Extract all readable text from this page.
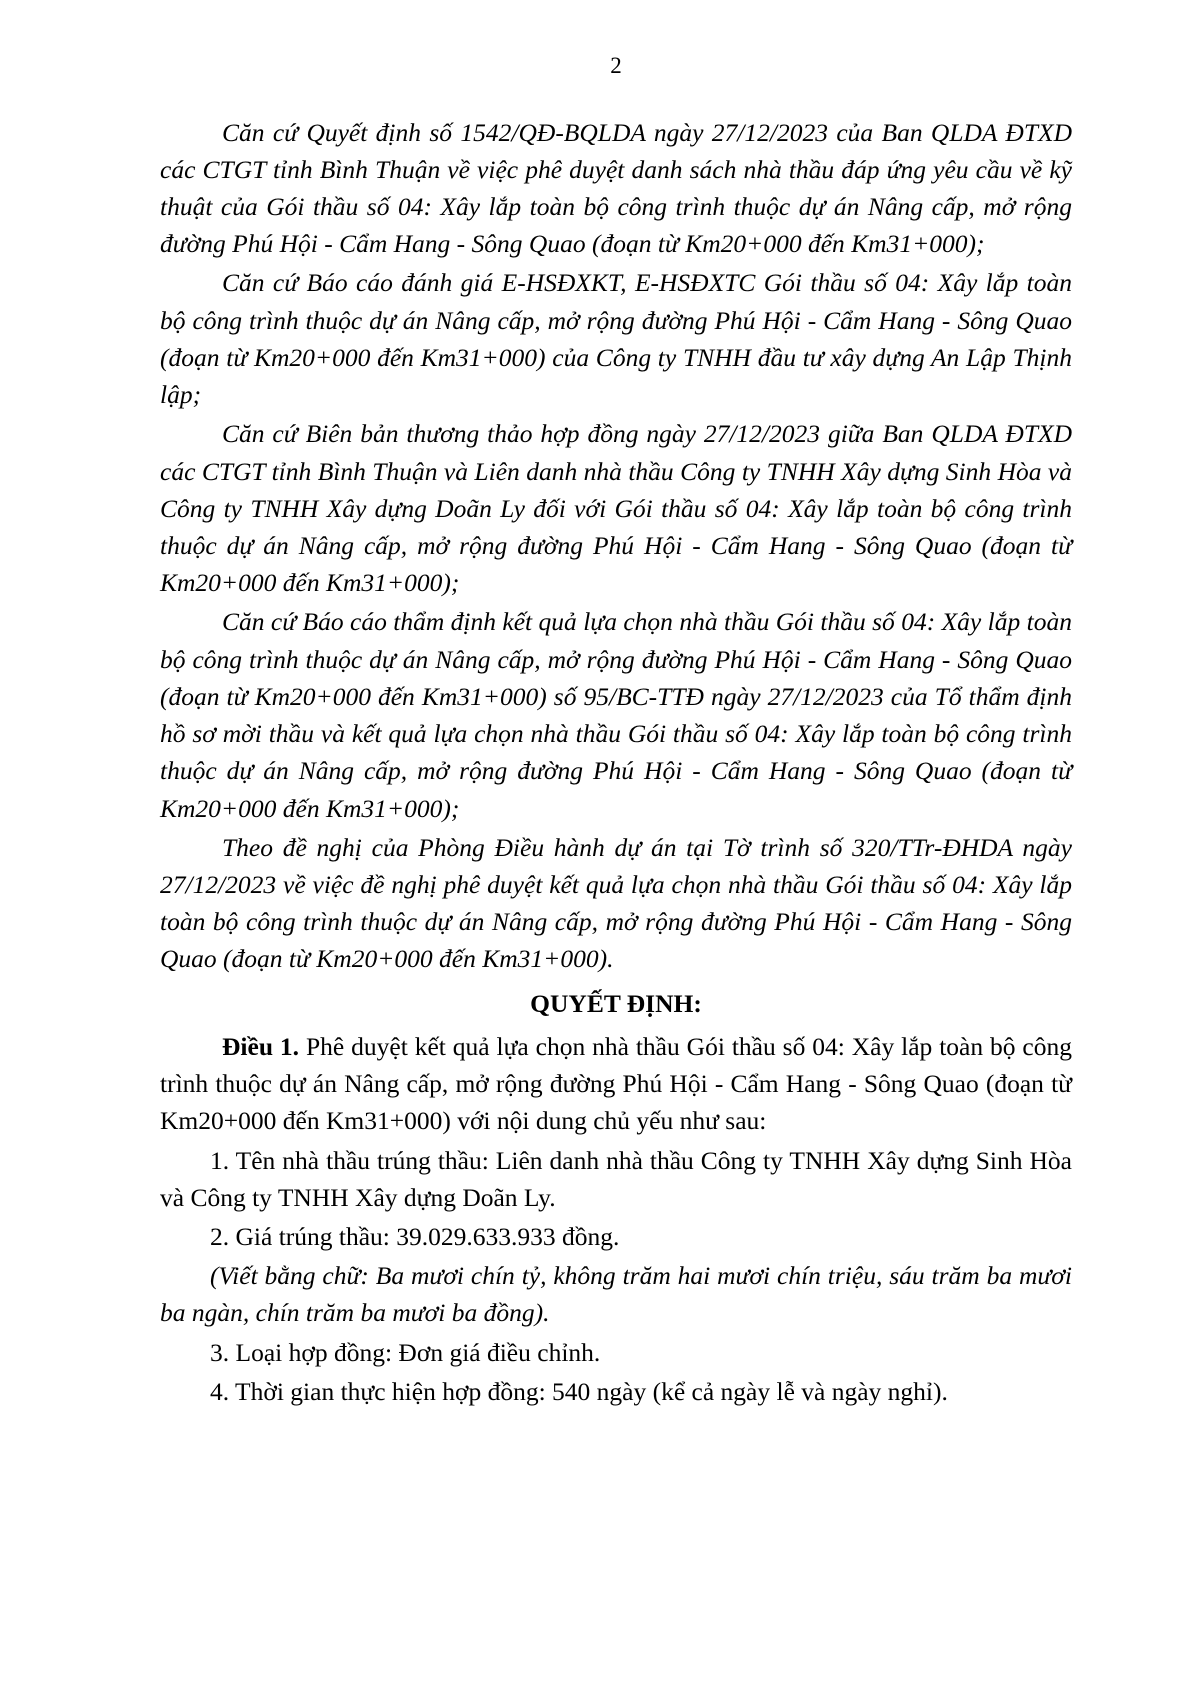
2

Căn cứ Quyết định số 1542/QĐ-BQLDA ngày 27/12/2023 của Ban QLDA ĐTXD các CTGT tỉnh Bình Thuận về việc phê duyệt danh sách nhà thầu đáp ứng yêu cầu về kỹ thuật của Gói thầu số 04: Xây lắp toàn bộ công trình thuộc dự án Nâng cấp, mở rộng đường Phú Hội - Cẩm Hang - Sông Quao (đoạn từ Km20+000 đến Km31+000);

Căn cứ Báo cáo đánh giá E-HSĐXKT, E-HSĐXTC Gói thầu số 04: Xây lắp toàn bộ công trình thuộc dự án Nâng cấp, mở rộng đường Phú Hội - Cẩm Hang - Sông Quao (đoạn từ Km20+000 đến Km31+000) của Công ty TNHH đầu tư xây dựng An Lập Thịnh lập;

Căn cứ Biên bản thương thảo hợp đồng ngày 27/12/2023 giữa Ban QLDA ĐTXD các CTGT tỉnh Bình Thuận và Liên danh nhà thầu Công ty TNHH Xây dựng Sinh Hòa và Công ty TNHH Xây dựng Doãn Ly đối với Gói thầu số 04: Xây lắp toàn bộ công trình thuộc dự án Nâng cấp, mở rộng đường Phú Hội - Cẩm Hang - Sông Quao (đoạn từ Km20+000 đến Km31+000);

Căn cứ Báo cáo thẩm định kết quả lựa chọn nhà thầu Gói thầu số 04: Xây lắp toàn bộ công trình thuộc dự án Nâng cấp, mở rộng đường Phú Hội - Cẩm Hang - Sông Quao (đoạn từ Km20+000 đến Km31+000) số 95/BC-TTĐ ngày 27/12/2023 của Tổ thẩm định hồ sơ mời thầu và kết quả lựa chọn nhà thầu Gói thầu số 04: Xây lắp toàn bộ công trình thuộc dự án Nâng cấp, mở rộng đường Phú Hội - Cẩm Hang - Sông Quao (đoạn từ Km20+000 đến Km31+000);

Theo đề nghị của Phòng Điều hành dự án tại Tờ trình số 320/TTr-ĐHDA ngày 27/12/2023 về việc đề nghị phê duyệt kết quả lựa chọn nhà thầu Gói thầu số 04: Xây lắp toàn bộ công trình thuộc dự án Nâng cấp, mở rộng đường Phú Hội - Cẩm Hang - Sông Quao (đoạn từ Km20+000 đến Km31+000).

QUYẾT ĐỊNH:

Điều 1. Phê duyệt kết quả lựa chọn nhà thầu Gói thầu số 04: Xây lắp toàn bộ công trình thuộc dự án Nâng cấp, mở rộng đường Phú Hội - Cẩm Hang - Sông Quao (đoạn từ Km20+000 đến Km31+000) với nội dung chủ yếu như sau:

1. Tên nhà thầu trúng thầu: Liên danh nhà thầu Công ty TNHH Xây dựng Sinh Hòa và Công ty TNHH Xây dựng Doãn Ly.

2. Giá trúng thầu: 39.029.633.933 đồng.

(Viết bằng chữ: Ba mươi chín tỷ, không trăm hai mươi chín triệu, sáu trăm ba mươi ba ngàn, chín trăm ba mươi ba đồng).

3. Loại hợp đồng: Đơn giá điều chỉnh.

4. Thời gian thực hiện hợp đồng: 540 ngày (kể cả ngày lễ và ngày nghỉ).
